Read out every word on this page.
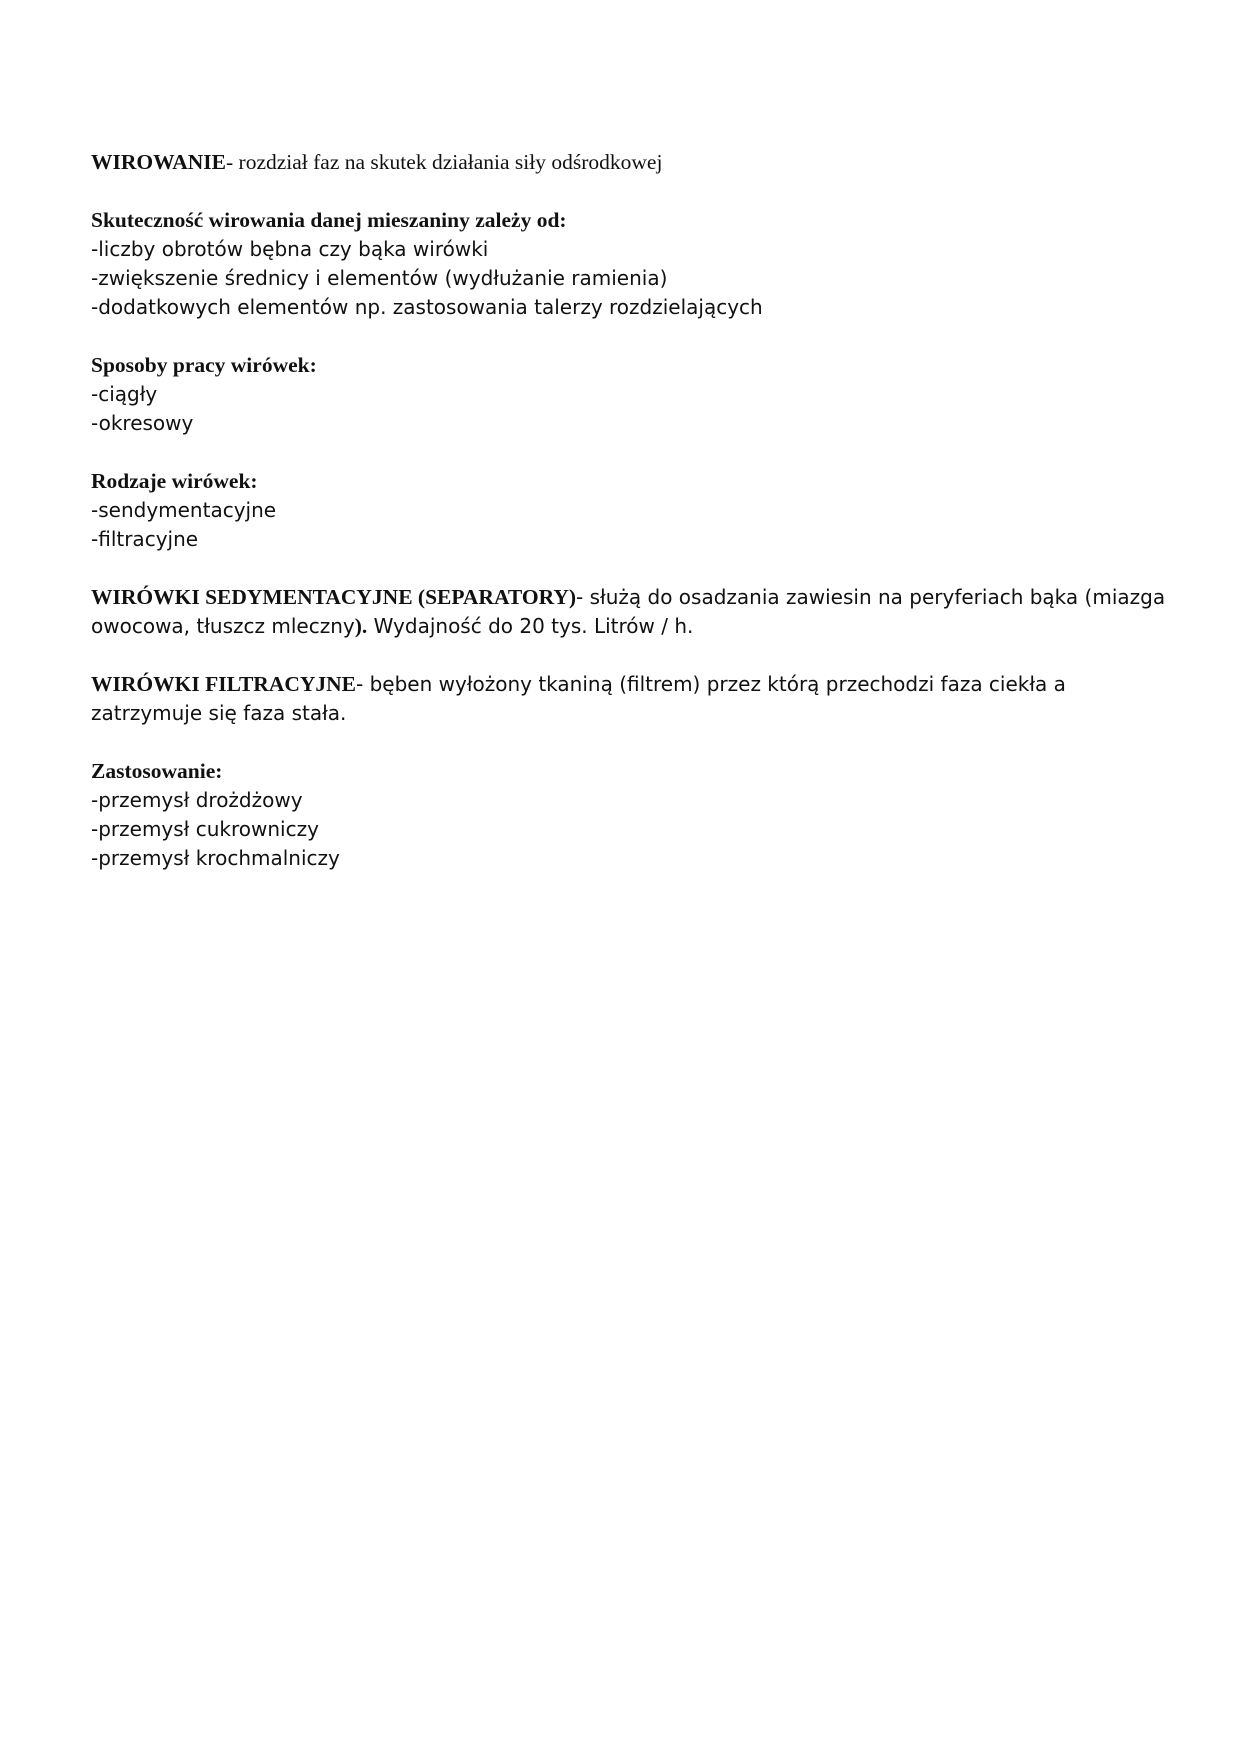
WIROWANIE- rozdział faz na skutek działania siły odśrodkowej

Skuteczność wirowania danej mieszaniny zależy od:
-liczby obrotów bębna czy bąka wirówki
-zwiększenie średnicy i elementów (wydłużanie ramienia)
-dodatkowych elementów np. zastosowania talerzy rozdzielających
Sposoby pracy wirówek:
-ciągły
-okresowy
Rodzaje wirówek:
-sendymentacyjne
-filtracyjne

WIRÓWKI SEDYMENTACYJNE (SEPARATORY)- służą do osadzania zawiesin na peryferiach bąka (miazga owocowa, tłuszcz mleczny). Wydajność do 20 tys. Litrów / h.

WIRÓWKI FILTRACYJNE- bęben wyłożony tkaniną (filtrem) przez którą przechodzi faza ciekła a zatrzymuje się faza stała.

Zastosowanie:
-przemysł drożdżowy
-przemysł cukrowniczy
-przemysł krochmalniczy
